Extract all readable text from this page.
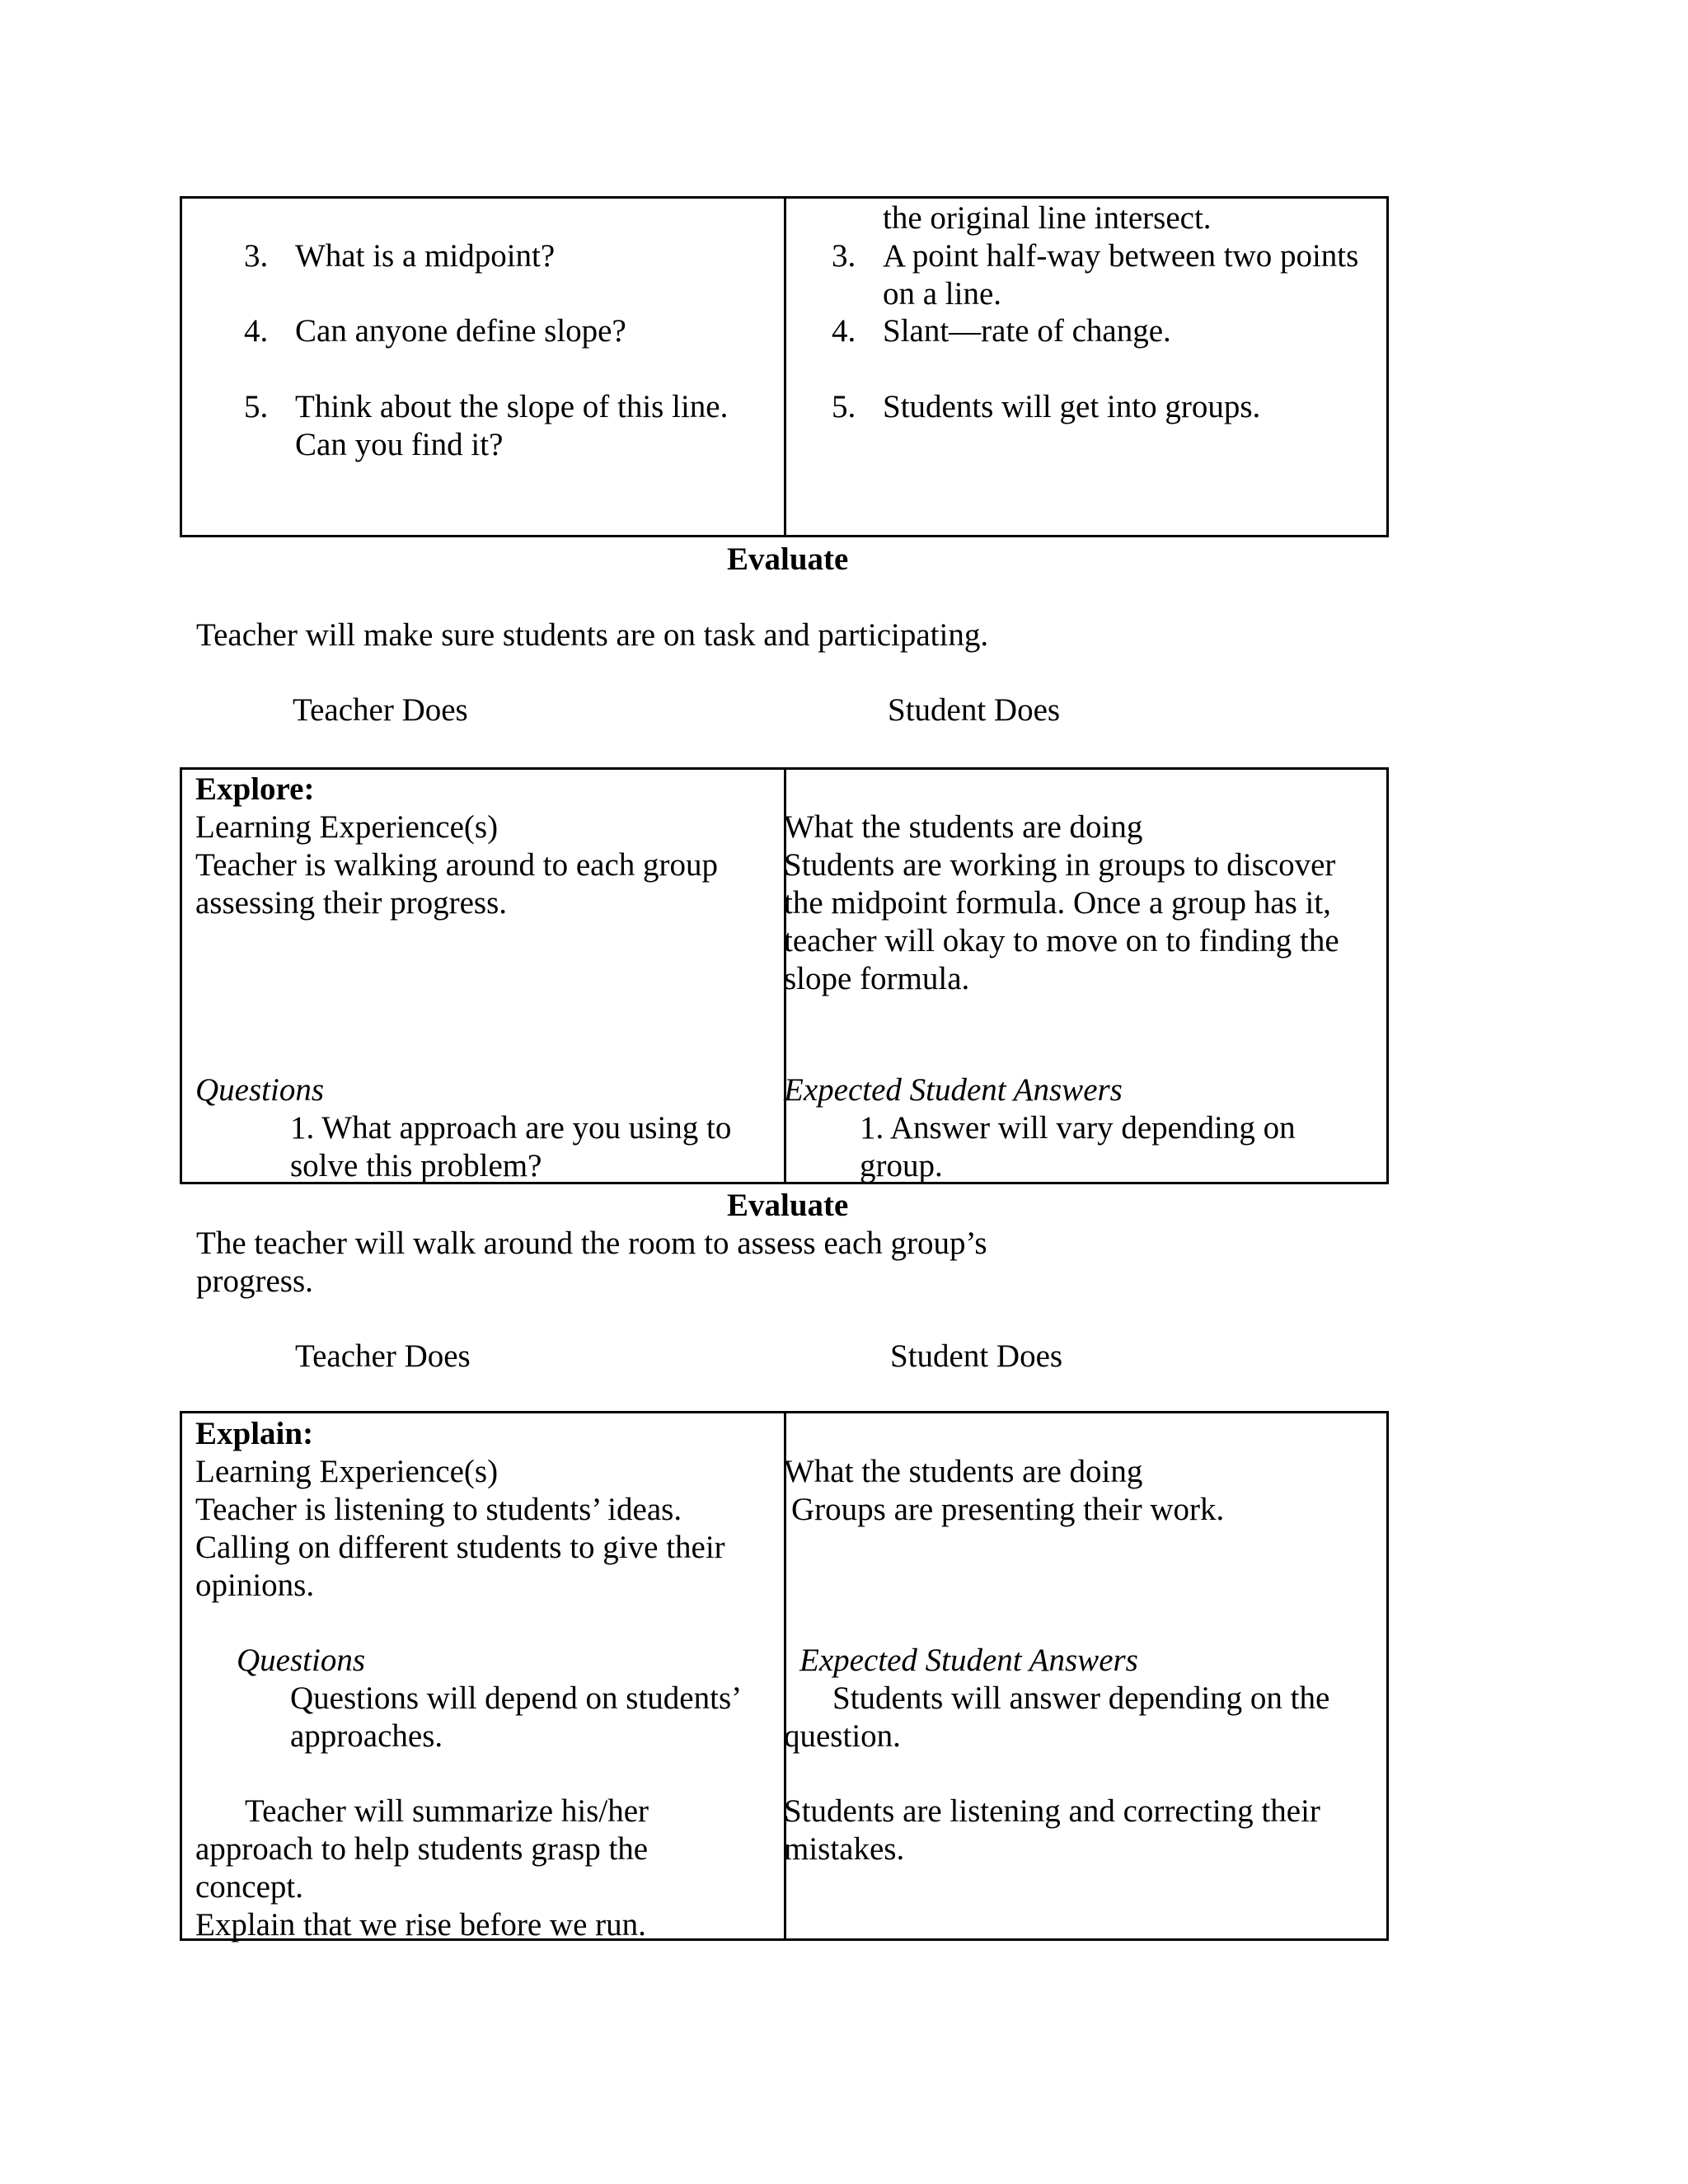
3. What is a midpoint?
4. Can anyone define slope?
5. Think about the slope of this line.
Can you find it?
the original line intersect.
3. A point half-way between two points
on a line.
4. Slant—rate of change.
5. Students will get into groups.
Evaluate
Teacher will make sure students are on task and participating.
Teacher Does	Student Does
Explore:
Learning Experience(s)
Teacher is walking around to each group
assessing their progress.
Questions
1. What approach are you using to
solve this problem?
What the students are doing
Students are working in groups to discover
the midpoint formula. Once a group has it,
teacher will okay to move on to finding the
slope formula.
Expected Student Answers
1. Answer will vary depending on
group.
Evaluate
The teacher will walk around the room to assess each group’s
progress.
Teacher Does	Student Does
Explain:
Learning Experience(s)
Teacher is listening to students’ ideas.
Calling on different students to give their
opinions.
Questions
Questions will depend on students’
approaches.
Teacher will summarize his/her
approach to help students grasp the
concept.
Explain that we rise before we run.
What the students are doing
Groups are presenting their work.
Expected Student Answers
Students will answer depending on the
question.
Students are listening and correcting their
mistakes.
